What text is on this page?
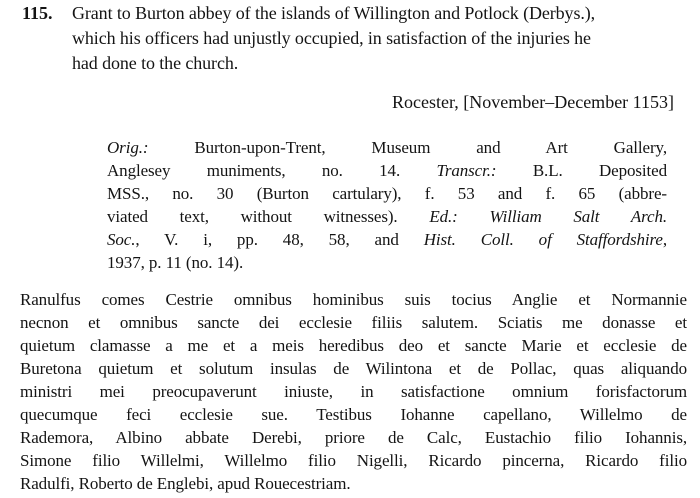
115. Grant to Burton abbey of the islands of Willington and Potlock (Derbys.),
which his officers had unjustly occupied, in satisfaction of the injuries he
had done to the church.
Rocester, [November–December 1153]
Orig.: Burton-upon-Trent, Museum and Art Gallery,
Anglesey muniments, no. 14. Transcr.: B.L. Deposited
MSS., no. 30 (Burton cartulary), f. 53 and f. 65 (abbre-
viated text, without witnesses). Ed.: William Salt Arch.
Soc., V. i, pp. 48, 58, and Hist. Coll. of Staffordshire,
1937, p. 11 (no. 14).
Ranulfus comes Cestrie omnibus hominibus suis tocius Anglie et Normannie
necnon et omnibus sancte dei ecclesie filiis salutem. Sciatis me donasse et
quietum clamasse a me et a meis heredibus deo et sancte Marie et ecclesie de
Buretona quietum et solutum insulas de Wilintona et de Pollac, quas aliquando
ministri mei preocupaverunt iniuste, in satisfactione omnium forisfactorum
quecumque feci ecclesie sue. Testibus Iohanne capellano, Willelmo de
Rademora, Albino abbate Derebi, priore de Calc, Eustachio filio Iohannis,
Simone filio Willelmi, Willelmo filio Nigelli, Ricardo pincerna, Ricardo filio
Radulfi, Roberto de Englebi, apud Rouecestriam.
